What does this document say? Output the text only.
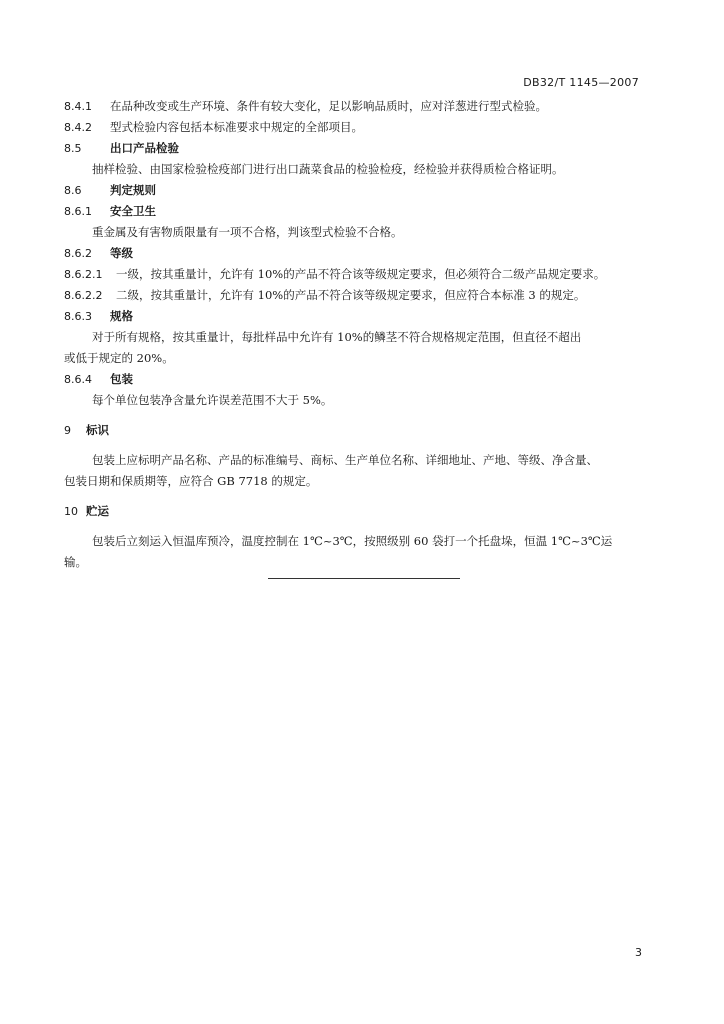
DB32/T 1145—2007
8.4.1 在品种改变或生产环境、条件有较大变化，足以影响品质时，应对洋葱进行型式检验。
8.4.2 型式检验内容包括本标准要求中规定的全部项目。
8.5 出口产品检验
抽样检验、由国家检验检疫部门进行出口蔬菜食品的检验检疫，经检验并获得质检合格证明。
8.6 判定规则
8.6.1 安全卫生
重金属及有害物质限量有一项不合格，判该型式检验不合格。
8.6.2 等级
8.6.2.1 一级，按其重量计，允许有 10%的产品不符合该等级规定要求，但必须符合二级产品规定要求。
8.6.2.2 二级，按其重量计，允许有 10%的产品不符合该等级规定要求，但应符合本标准 3 的规定。
8.6.3 规格
对于所有规格，按其重量计，每批样品中允许有 10%的鳞茎不符合规格规定范围，但直径不超出
或低于规定的 20%。
8.6.4 包装
每个单位包装净含量允许误差范围不大于 5%。
9 标识
包装上应标明产品名称、产品的标准编号、商标、生产单位名称、详细地址、产地、等级、净含量、
包装日期和保质期等，应符合 GB 7718 的规定。
10 贮运
包装后立刻运入恒温库预冷，温度控制在 1℃~3℃，按照级别 60 袋打一个托盘垛，恒温 1℃~3℃运
输。
3
